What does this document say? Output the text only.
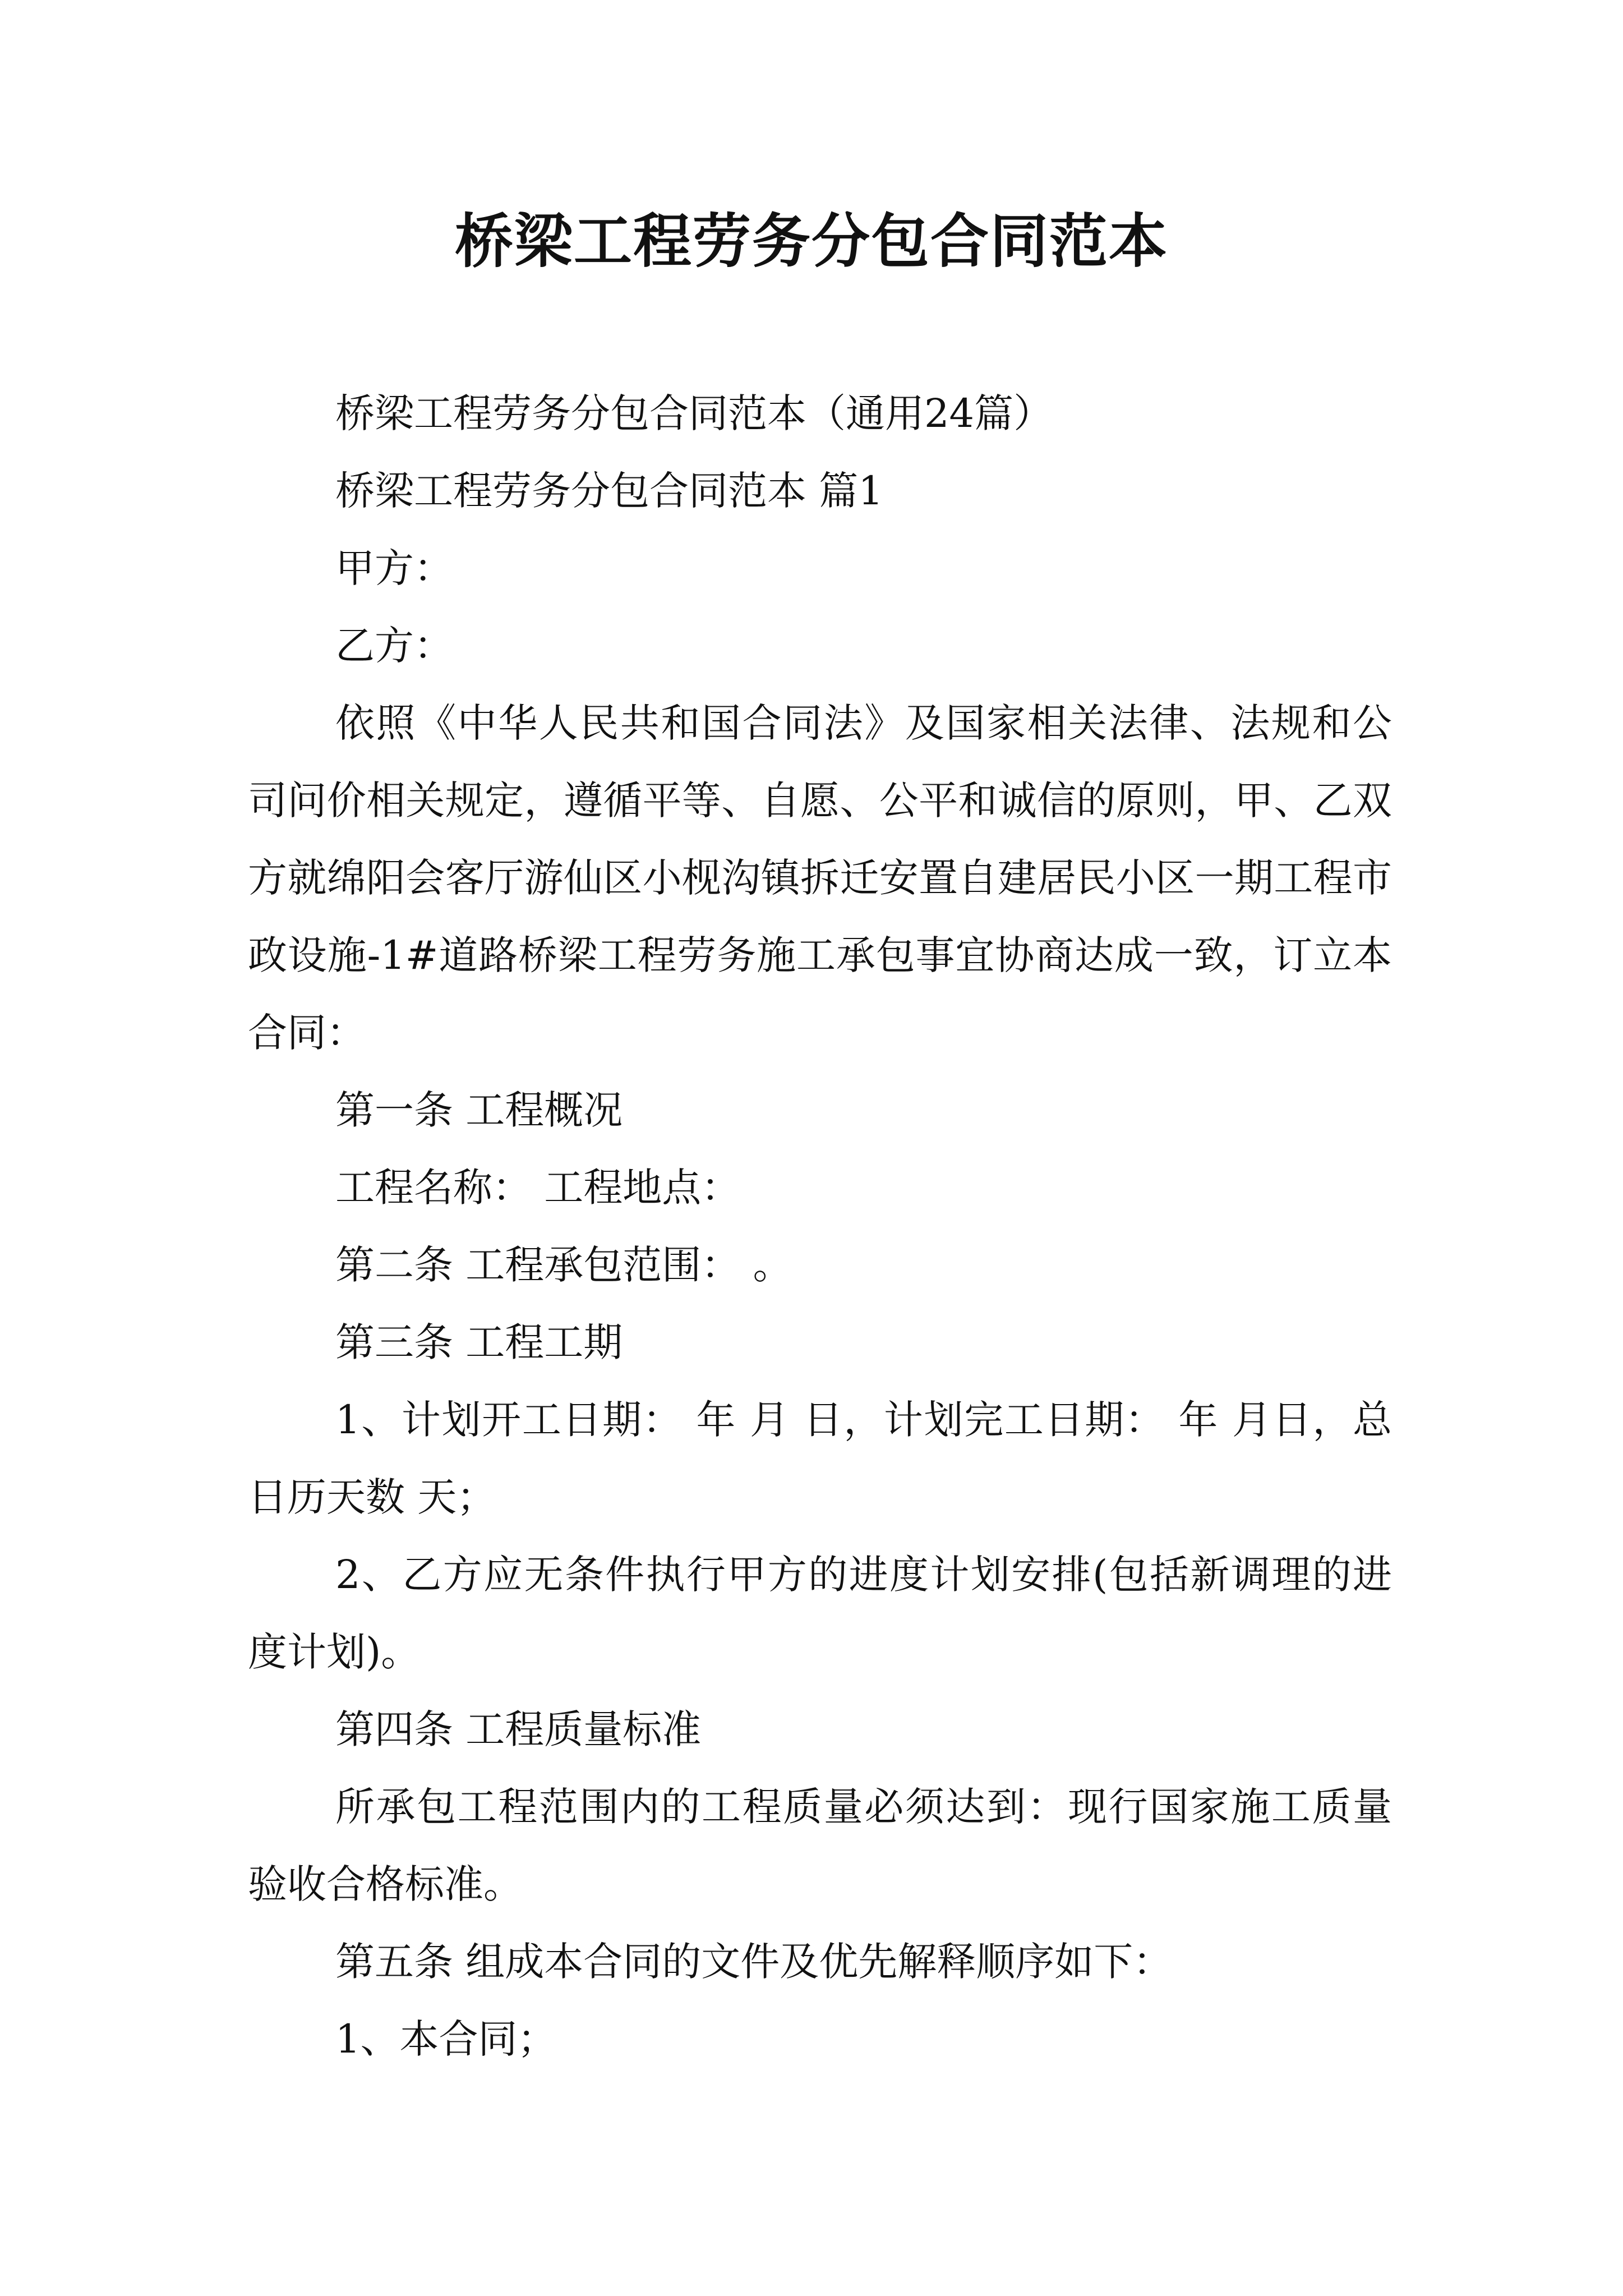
桥梁工程劳务分包合同范本

桥梁工程劳务分包合同范本（通用24篇）

桥梁工程劳务分包合同范本 篇1

甲方：

乙方：

依照《中华人民共和国合同法》及国家相关法律、法规和公司问价相关规定，遵循平等、自愿、公平和诚信的原则，甲、乙双方就绵阳会客厅游仙区小枧沟镇拆迁安置自建居民小区一期工程市政设施-1#道路桥梁工程劳务施工承包事宜协商达成一致，订立本合同：

第一条 工程概况

工程名称： 工程地点：

第二条 工程承包范围： 。

第三条 工程工期

1、计划开工日期： 年 月 日，计划完工日期： 年 月日，总日历天数 天；

2、乙方应无条件执行甲方的进度计划安排(包括新调理的进度计划)。

第四条 工程质量标准

所承包工程范围内的工程质量必须达到：现行国家施工质量验收合格标准。

第五条 组成本合同的文件及优先解释顺序如下：

1、本合同；
